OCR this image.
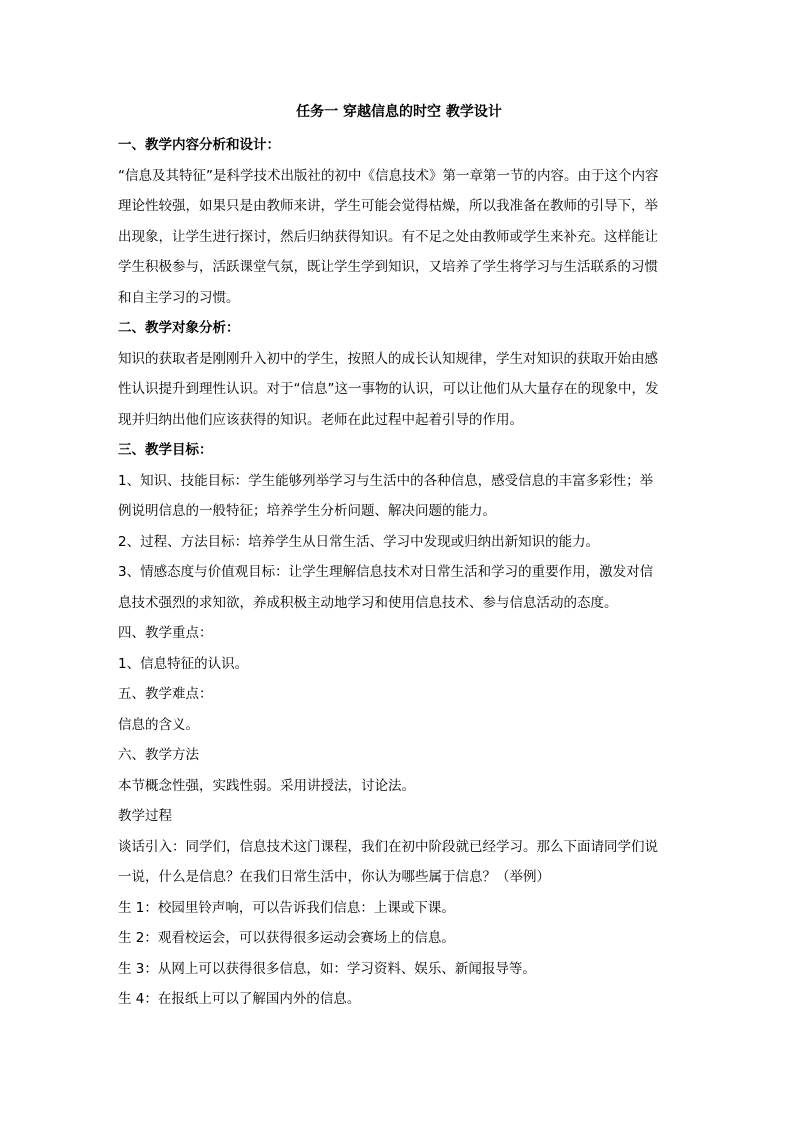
任务一 穿越信息的时空 教学设计

一、教学内容分析和设计：

“信息及其特征”是科学技术出版社的初中《信息技术》第一章第一节的内容。由于这个内容

理论性较强，如果只是由教师来讲，学生可能会觉得枯燥，所以我准备在教师的引导下，举

出现象，让学生进行探讨，然后归纳获得知识。有不足之处由教师或学生来补充。这样能让

学生积极参与，活跃课堂气氛，既让学生学到知识，又培养了学生将学习与生活联系的习惯

和自主学习的习惯。

二、教学对象分析：

知识的获取者是刚刚升入初中的学生，按照人的成长认知规律，学生对知识的获取开始由感

性认识提升到理性认识。对于“信息”这一事物的认识，可以让他们从大量存在的现象中，发

现并归纳出他们应该获得的知识。老师在此过程中起着引导的作用。

三、教学目标：

1、知识、技能目标：学生能够列举学习与生活中的各种信息，感受信息的丰富多彩性；举

例说明信息的一般特征；培养学生分析问题、解决问题的能力。

2、过程、方法目标：培养学生从日常生活、学习中发现或归纳出新知识的能力。

3、情感态度与价值观目标：让学生理解信息技术对日常生活和学习的重要作用，激发对信

息技术强烈的求知欲，养成积极主动地学习和使用信息技术、参与信息活动的态度。

四、教学重点：

1、信息特征的认识。

五、教学难点：

信息的含义。

六、教学方法

本节概念性强，实践性弱。采用讲授法，讨论法。

教学过程

谈话引入：同学们，信息技术这门课程，我们在初中阶段就已经学习。那么下面请同学们说

一说，什么是信息？在我们日常生活中，你认为哪些属于信息？（举例）

生 1：校园里铃声响，可以告诉我们信息：上课或下课。

生 2：观看校运会，可以获得很多运动会赛场上的信息。

生 3：从网上可以获得很多信息，如：学习资料、娱乐、新闻报导等。

生 4：在报纸上可以了解国内外的信息。
